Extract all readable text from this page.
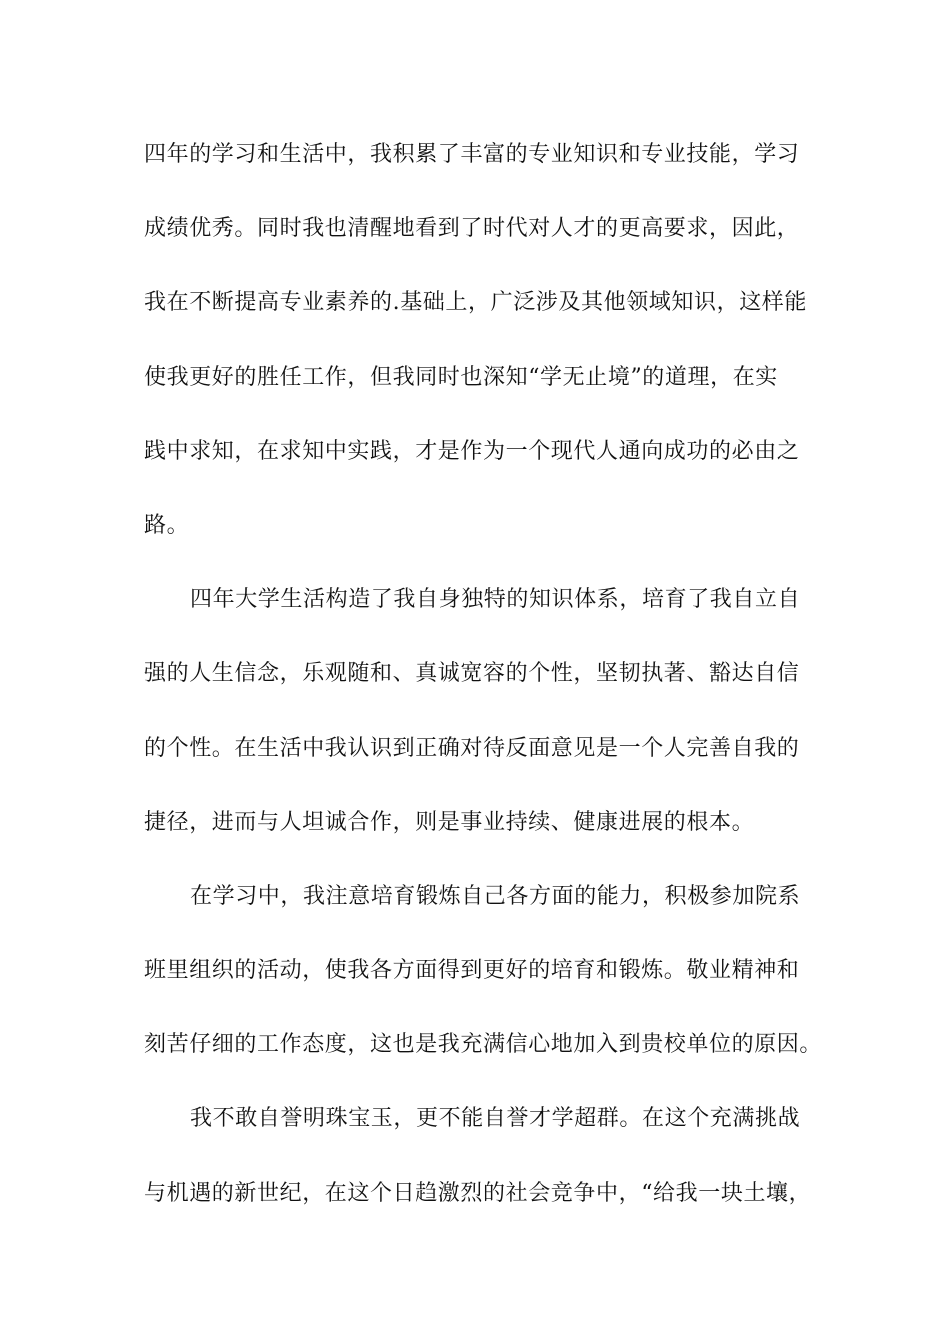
四年的学习和生活中，我积累了丰富的专业知识和专业技能，学习
成绩优秀。同时我也清醒地看到了时代对人才的更高要求，因此，
我在不断提高专业素养的.基础上，广泛涉及其他领域知识，这样能
使我更好的胜任工作，但我同时也深知“学无止境”的道理，在实
践中求知，在求知中实践，才是作为一个现代人通向成功的必由之
路。
四年大学生活构造了我自身独特的知识体系，培育了我自立自
强的人生信念，乐观随和、真诚宽容的个性，坚韧执著、豁达自信
的个性。在生活中我认识到正确对待反面意见是一个人完善自我的
捷径，进而与人坦诚合作，则是事业持续、健康进展的根本。
在学习中，我注意培育锻炼自己各方面的能力，积极参加院系
班里组织的活动，使我各方面得到更好的培育和锻炼。敬业精神和
刻苦仔细的工作态度，这也是我充满信心地加入到贵校单位的原因。
我不敢自誉明珠宝玉，更不能自誉才学超群。在这个充满挑战
与机遇的新世纪，在这个日趋激烈的社会竞争中，“给我一块土壤，
